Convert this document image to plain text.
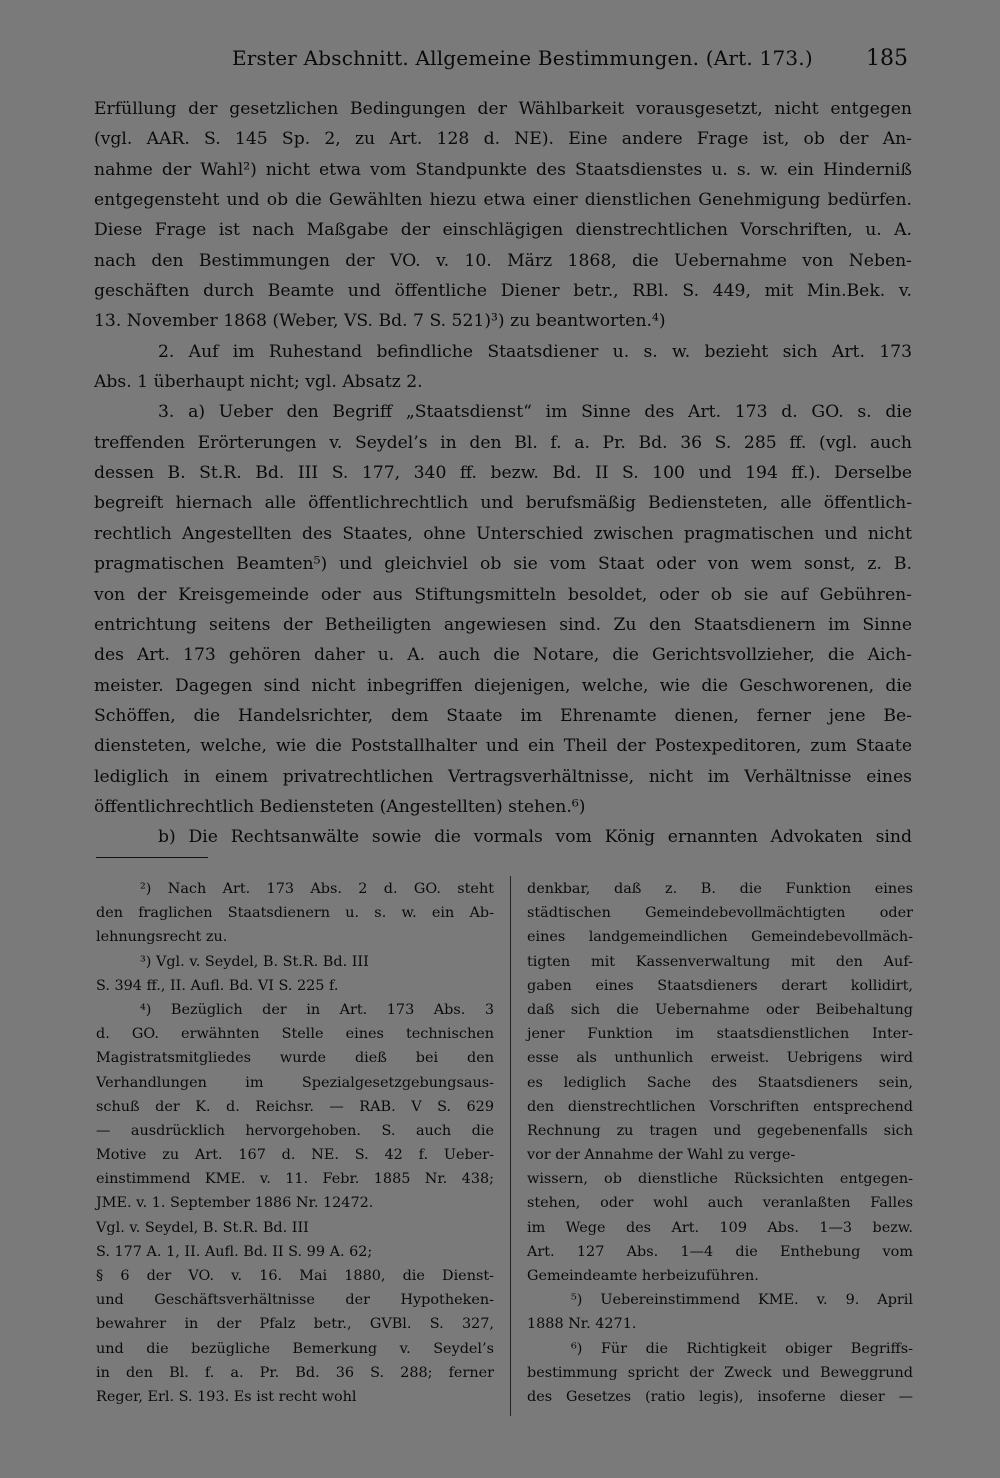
Erster Abschnitt. Allgemeine Bestimmungen. (Art. 173.) 185
Erfüllung der gesetzlichen Bedingungen der Wählbarkeit vorausgesetzt, nicht entgegen
(vgl. AAR. S. 145 Sp. 2, zu Art. 128 d. NE). Eine andere Frage ist, ob der An-
nahme der Wahl²) nicht etwa vom Standpunkte des Staatsdienstes u. s. w. ein Hinderniß
entgegensteht und ob die Gewählten hiezu etwa einer dienstlichen Genehmigung bedürfen.
Diese Frage ist nach Maßgabe der einschlägigen dienstrechtlichen Vorschriften, u. A.
nach den Bestimmungen der VO. v. 10. März 1868, die Uebernahme von Neben-
geschäften durch Beamte und öffentliche Diener betr., RBl. S. 449, mit Min.Bek. v.
13. November 1868 (Weber, VS. Bd. 7 S. 521)³) zu beantworten.⁴)
2. Auf im Ruhestand befindliche Staatsdiener u. s. w. bezieht sich Art. 173
Abs. 1 überhaupt nicht; vgl. Absatz 2.
3. a) Ueber den Begriff „Staatsdienst“ im Sinne des Art. 173 d. GO. s. die
treffenden Erörterungen v. Seydel’s in den Bl. f. a. Pr. Bd. 36 S. 285 ff. (vgl. auch
dessen B. St.R. Bd. III S. 177, 340 ff. bezw. Bd. II S. 100 und 194 ff.). Derselbe
begreift hiernach alle öffentlichrechtlich und berufsmäßig Bediensteten, alle öffentlich-
rechtlich Angestellten des Staates, ohne Unterschied zwischen pragmatischen und nicht
pragmatischen Beamten⁵) und gleichviel ob sie vom Staat oder von wem sonst, z. B.
von der Kreisgemeinde oder aus Stiftungsmitteln besoldet, oder ob sie auf Gebühren-
entrichtung seitens der Betheiligten angewiesen sind. Zu den Staatsdienern im Sinne
des Art. 173 gehören daher u. A. auch die Notare, die Gerichtsvollzieher, die Aich-
meister. Dagegen sind nicht inbegriffen diejenigen, welche, wie die Geschworenen, die
Schöffen, die Handelsrichter, dem Staate im Ehrenamte dienen, ferner jene Be-
diensteten, welche, wie die Poststallhalter und ein Theil der Postexpeditoren, zum Staate
lediglich in einem privatrechtlichen Vertragsverhältnisse, nicht im Verhältnisse eines
öffentlichrechtlich Bediensteten (Angestellten) stehen.⁶)
b) Die Rechtsanwälte sowie die vormals vom König ernannten Advokaten sind
²) Nach Art. 173 Abs. 2 d. GO. steht
den fraglichen Staatsdienern u. s. w. ein Ab-
lehnungsrecht zu.
³) Vgl. v. Seydel, B. St.R. Bd. III
S. 394 ff., II. Aufl. Bd. VI S. 225 f.
⁴) Bezüglich der in Art. 173 Abs. 3
d. GO. erwähnten Stelle eines technischen
Magistratsmitgliedes wurde dieß bei den
Verhandlungen im Spezialgesetzgebungsaus-
schuß der K. d. Reichsr. — RAB. V S. 629
— ausdrücklich hervorgehoben. S. auch die
Motive zu Art. 167 d. NE. S. 42 f. Ueber-
einstimmend KME. v. 11. Febr. 1885 Nr. 438;
JME. v. 1. September 1886 Nr. 12472.
Vgl. v. Seydel, B. St.R. Bd. III
S. 177 A. 1, II. Aufl. Bd. II S. 99 A. 62;
§ 6 der VO. v. 16. Mai 1880, die Dienst-
und Geschäftsverhältnisse der Hypotheken-
bewahrer in der Pfalz betr., GVBl. S. 327,
und die bezügliche Bemerkung v. Seydel’s
in den Bl. f. a. Pr. Bd. 36 S. 288; ferner
Reger, Erl. S. 193. Es ist recht wohl
denkbar, daß z. B. die Funktion eines
städtischen Gemeindebevollmächtigten oder
eines landgemeindlichen Gemeindebevollmäch-
tigten mit Kassenverwaltung mit den Auf-
gaben eines Staatsdieners derart kollidirt,
daß sich die Uebernahme oder Beibehaltung
jener Funktion im staatsdienstlichen Inter-
esse als unthunlich erweist. Uebrigens wird
es lediglich Sache des Staatsdieners sein,
den dienstrechtlichen Vorschriften entsprechend
Rechnung zu tragen und gegebenenfalls sich
vor der Annahme der Wahl zu verge-
wissern, ob dienstliche Rücksichten entgegen-
stehen, oder wohl auch veranlaßten Falles
im Wege des Art. 109 Abs. 1—3 bezw.
Art. 127 Abs. 1—4 die Enthebung vom
Gemeindeamte herbeizuführen.
⁵) Uebereinstimmend KME. v. 9. April
1888 Nr. 4271.
⁶) Für die Richtigkeit obiger Begriffs-
bestimmung spricht der Zweck und Beweggrund
des Gesetzes (ratio legis), insoferne dieser —
